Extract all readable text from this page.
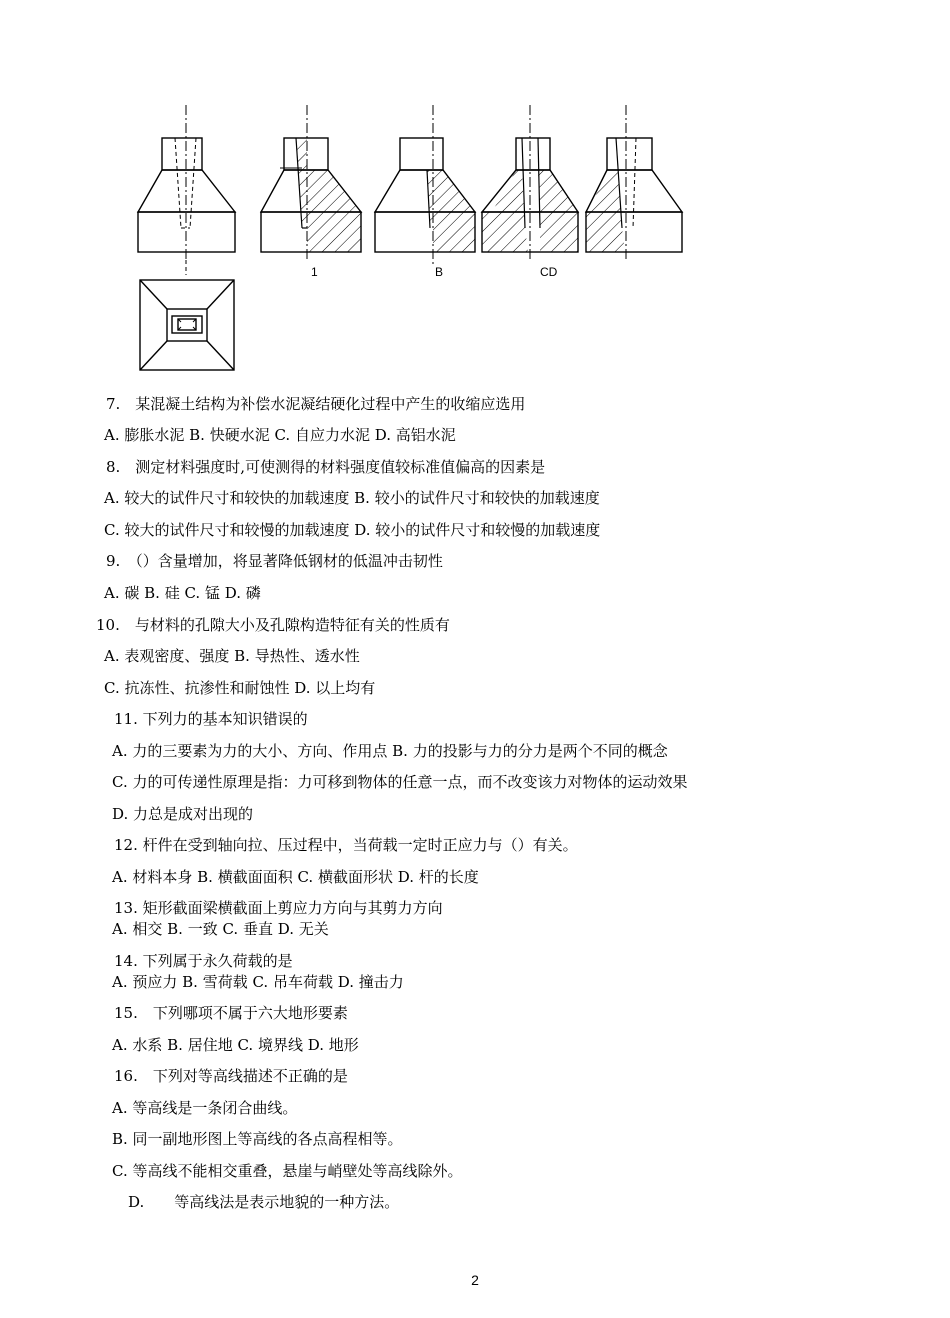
1	B	CD
7.　某混凝土结构为补偿水泥凝结硬化过程中产生的收缩应选用
A. 膨胀水泥 B. 快硬水泥 C. 自应力水泥 D. 高铝水泥
8.　测定材料强度时,可使测得的材料强度值较标准值偏高的因素是
A. 较大的试件尺寸和较快的加载速度 B. 较小的试件尺寸和较快的加载速度
C. 较大的试件尺寸和较慢的加载速度 D. 较小的试件尺寸和较慢的加载速度
9.　（）含量增加，将显著降低钢材的低温冲击韧性
A. 碳 B. 硅 C. 锰 D. 磷
10.　与材料的孔隙大小及孔隙构造特征有关的性质有
A. 表观密度、强度 B. 导热性、透水性
C. 抗冻性、抗渗性和耐蚀性 D. 以上均有
11. 下列力的基本知识错误的
A. 力的三要素为力的大小、方向、作用点 B. 力的投影与力的分力是两个不同的概念
C. 力的可传递性原理是指：力可移到物体的任意一点，而不改变该力对物体的运动效果
D. 力总是成对出现的
12. 杆件在受到轴向拉、压过程中，当荷载一定时正应力与（）有关。
A. 材料本身 B. 横截面面积 C. 横截面形状 D. 杆的长度
13. 矩形截面梁横截面上剪应力方向与其剪力方向
A. 相交 B. 一致 C. 垂直 D. 无关
14. 下列属于永久荷载的是
A. 预应力 B. 雪荷载 C. 吊车荷载 D. 撞击力
15.　下列哪项不属于六大地形要素
A. 水系 B. 居住地 C. 境界线 D. 地形
16.　下列对等高线描述不正确的是
A. 等高线是一条闭合曲线。
B. 同一副地形图上等高线的各点高程相等。
C. 等高线不能相交重叠，悬崖与峭壁处等高线除外。
D.　　等高线法是表示地貌的一种方法。
2
